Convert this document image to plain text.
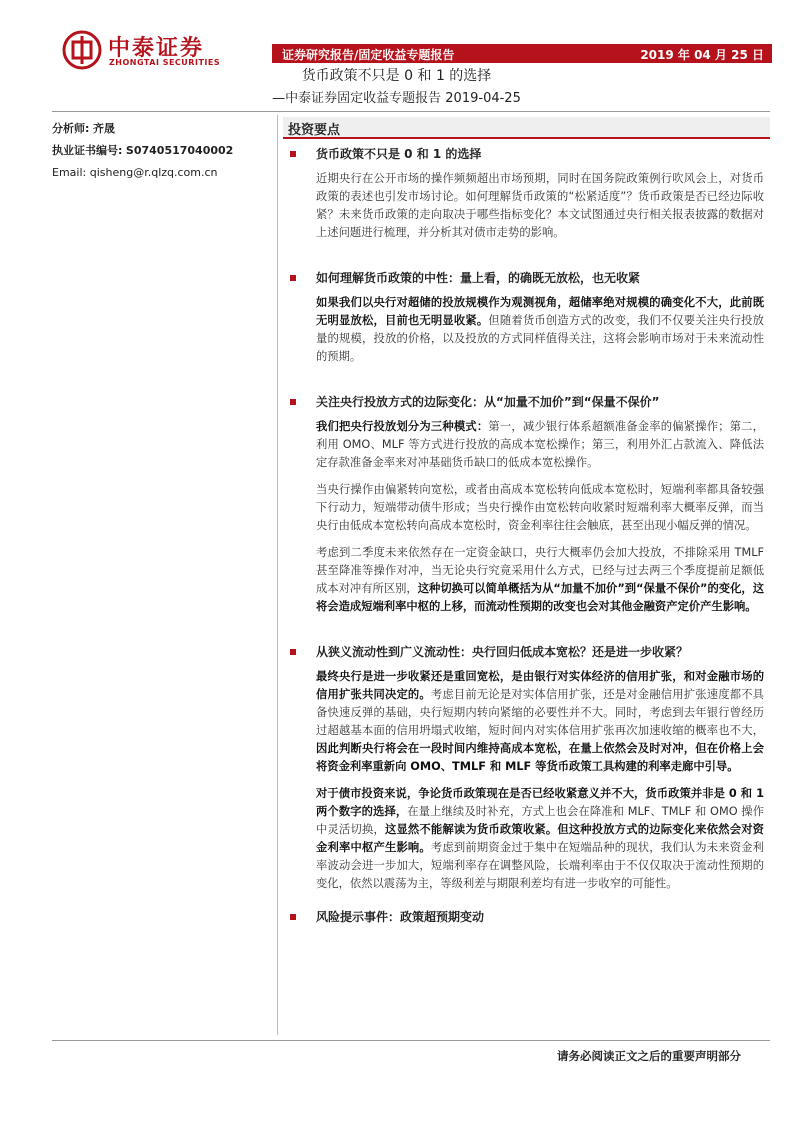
中泰证券
ZHONGTAI SECURITIES
证券研究报告/固定收益专题报告	2019 年 04 月 25 日
货币政策不只是 0 和 1 的选择
—中泰证券固定收益专题报告 2019-04-25
分析师: 齐晟
执业证书编号: S0740517040002
Email: qisheng@r.qlzq.com.cn
投资要点
货币政策不只是 0 和 1 的选择
近期央行在公开市场的操作频频超出市场预期，同时在国务院政策例行吹风会上，对货币政策的表述也引发市场讨论。如何理解货币政策的“松紧适度”？货币政策是否已经边际收紧？未来货币政策的走向取决于哪些指标变化？本文试图通过央行相关报表披露的数据对上述问题进行梳理，并分析其对债市走势的影响。
如何理解货币政策的中性：量上看，的确既无放松，也无收紧
如果我们以央行对超储的投放规模作为观测视角，超储率绝对规模的确变化不大，此前既无明显放松，目前也无明显收紧。但随着货币创造方式的改变，我们不仅要关注央行投放量的规模，投放的价格，以及投放的方式同样值得关注，这将会影响市场对于未来流动性的预期。
关注央行投放方式的边际变化：从“加量不加价”到“保量不保价”
我们把央行投放划分为三种模式：第一，减少银行体系超额准备金率的偏紧操作；第二，利用 OMO、MLF 等方式进行投放的高成本宽松操作；第三，利用外汇占款流入、降低法定存款准备金率来对冲基础货币缺口的低成本宽松操作。
当央行操作由偏紧转向宽松，或者由高成本宽松转向低成本宽松时，短端利率都具备较强下行动力，短端带动债牛形成；当央行操作由宽松转向收紧时短端利率大概率反弹，而当央行由低成本宽松转向高成本宽松时，资金利率往往会触底，甚至出现小幅反弹的情况。
考虑到二季度未来依然存在一定资金缺口，央行大概率仍会加大投放，不排除采用 TMLF 甚至降准等操作对冲，当无论央行究竟采用什么方式，已经与过去两三个季度提前足额低成本对冲有所区别，这种切换可以简单概括为从“加量不加价”到“保量不保价”的变化，这将会造成短端利率中枢的上移，而流动性预期的改变也会对其他金融资产定价产生影响。
从狭义流动性到广义流动性：央行回归低成本宽松？还是进一步收紧？
最终央行是进一步收紧还是重回宽松，是由银行对实体经济的信用扩张，和对金融市场的信用扩张共同决定的。考虑目前无论是对实体信用扩张，还是对金融信用扩张速度都不具备快速反弹的基础，央行短期内转向紧缩的必要性并不大。同时，考虑到去年银行曾经历过超越基本面的信用坍塌式收缩，短时间内对实体信用扩张再次加速收缩的概率也不大，因此判断央行将会在一段时间内维持高成本宽松，在量上依然会及时对冲，但在价格上会将资金利率重新向 OMO、TMLF 和 MLF 等货币政策工具构建的利率走廊中引导。
对于债市投资来说，争论货币政策现在是否已经收紧意义并不大，货币政策并非是 0 和 1 两个数字的选择，在量上继续及时补充，方式上也会在降准和 MLF、TMLF 和 OMO 操作中灵活切换，这显然不能解读为货币政策收紧。但这种投放方式的边际变化来依然会对资金利率中枢产生影响。考虑到前期资金过于集中在短端品种的现状，我们认为未来资金利率波动会进一步加大，短端利率存在调整风险，长端利率由于不仅仅取决于流动性预期的变化，依然以震荡为主，等级利差与期限利差均有进一步收窄的可能性。
风险提示事件：政策超预期变动
请务必阅读正文之后的重要声明部分
